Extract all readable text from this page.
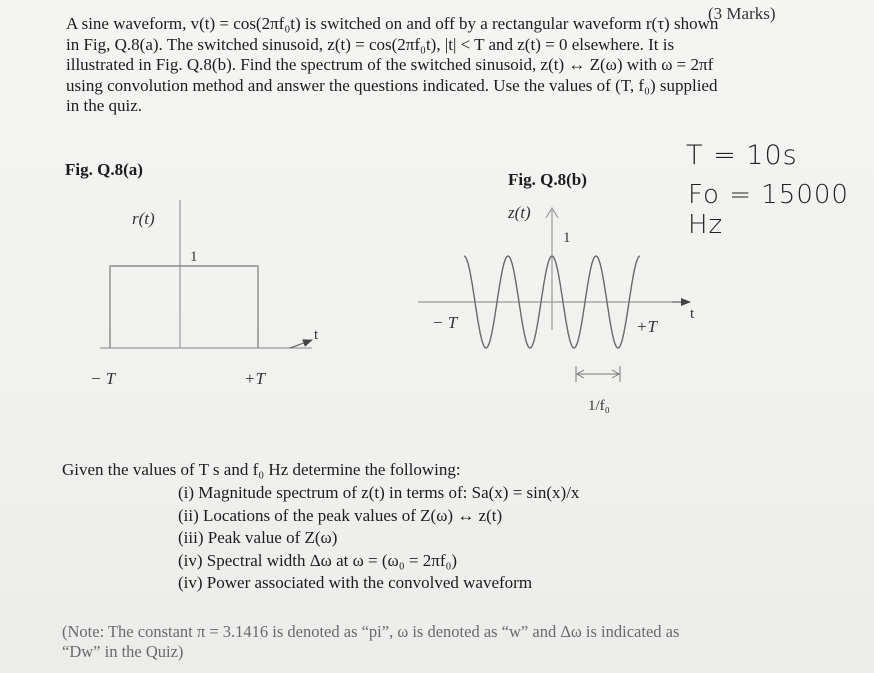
(3 Marks)

A sine waveform, v(t) = cos(2πf₀t) is switched on and off by a rectangular waveform r(τ) shown

in Fig, Q.8(a). The switched sinusoid, z(t) = cos(2πf₀t), |t| < T and z(t) = 0 elsewhere. It is

illustrated in Fig. Q.8(b). Find the spectrum of the switched sinusoid, z(t) ↔ Z(ω) with ω = 2πf

using convolution method and answer the questions indicated. Use the values of (T, f₀) supplied

in the quiz.

Fig. Q.8(a)
Fig. Q.8(b)
T = 10s
Fo = 15000 Hz
r(t)
1
t
− T	+T
z(t)
1
t
− T	+T
1/f₀
Given the values of T s and f₀ Hz determine the following:
(i) Magnitude spectrum of z(t) in terms of: Sa(x) = sin(x)/x
(ii) Locations of the peak values of Z(ω) ↔ z(t)
(iii) Peak value of Z(ω)
(iv) Spectral width Δω at ω = (ω₀ = 2πf₀)
(iv) Power associated with the convolved waveform
(Note: The constant π = 3.1416 is denoted as “pi”, ω is denoted as “w” and Δω is indicated as
“Dw” in the Quiz)
